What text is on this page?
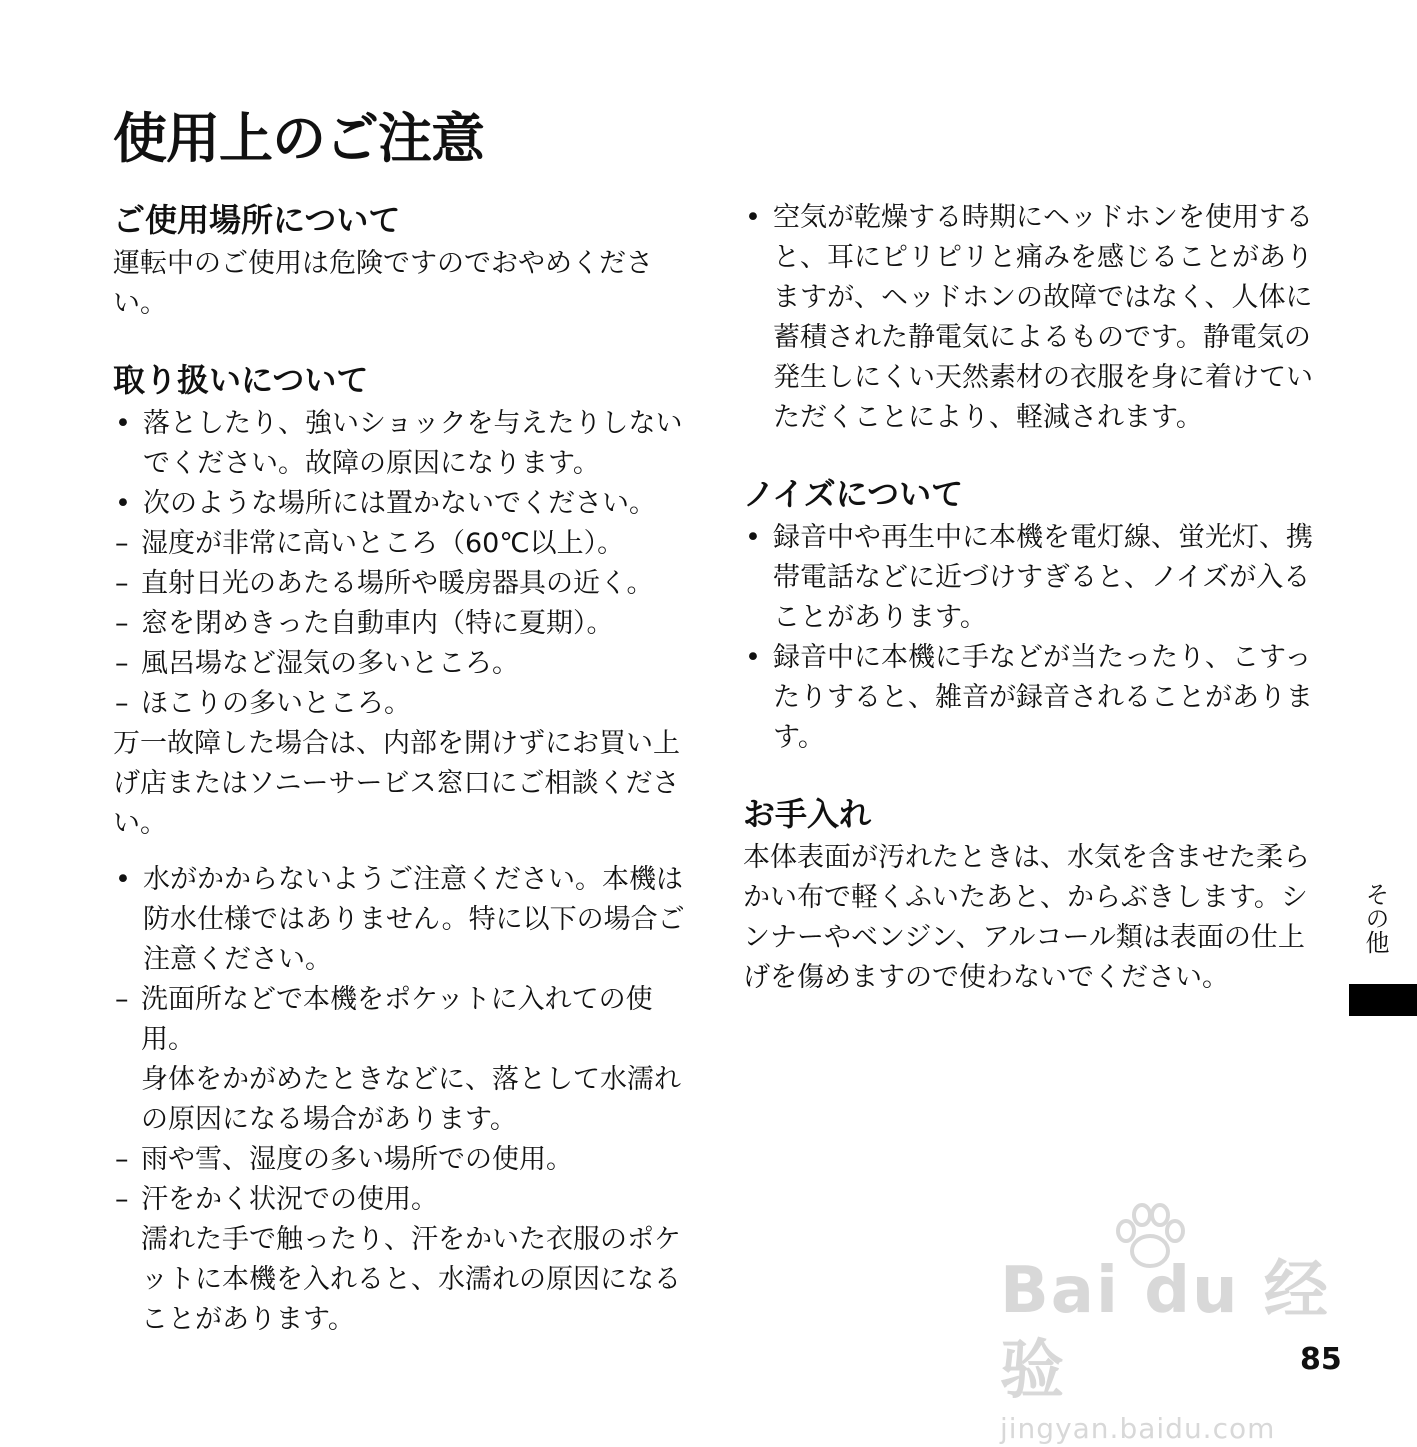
使用上のご注意
ご使用場所について

運転中のご使用は危険ですのでおやめください。

取り扱いについて
• 落としたり、強いショックを与えたりしないでください。故障の原因になります。
• 次のような場所には置かないでください。
– 湿度が非常に高いところ（60℃以上）。
– 直射日光のあたる場所や暖房器具の近く。
– 窓を閉めきった自動車内（特に夏期）。
– 風呂場など湿気の多いところ。
– ほこりの多いところ。

万一故障した場合は、内部を開けずにお買い上げ店またはソニーサービス窓口にご相談ください。

• 水がかからないようご注意ください。本機は防水仕様ではありません。特に以下の場合ご注意ください。
– 洗面所などで本機をポケットに入れての使用。
身体をかがめたときなどに、落として水濡れの原因になる場合があります。
– 雨や雪、湿度の多い場所での使用。
– 汗をかく状況での使用。
濡れた手で触ったり、汗をかいた衣服のポケットに本機を入れると、水濡れの原因になることがあります。
• 空気が乾燥する時期にヘッドホンを使用すると、耳にピリピリと痛みを感じることがありますが、ヘッドホンの故障ではなく、人体に蓄積された静電気によるものです。静電気の発生しにくい天然素材の衣服を身に着けていただくことにより、軽減されます。
ノイズについて
• 録音中や再生中に本機を電灯線、蛍光灯、携帯電話などに近づけすぎると、ノイズが入ることがあります。
• 録音中に本機に手などが当たったり、こすったりすると、雑音が録音されることがあります。
お手入れ

本体表面が汚れたときは、水気を含ませた柔らかい布で軽くふいたあと、からぶきします。シンナーやベンジン、アルコール類は表面の仕上げを傷めますので使わないでください。

その他
Bai du 经验
jingyan.baidu.com
85
